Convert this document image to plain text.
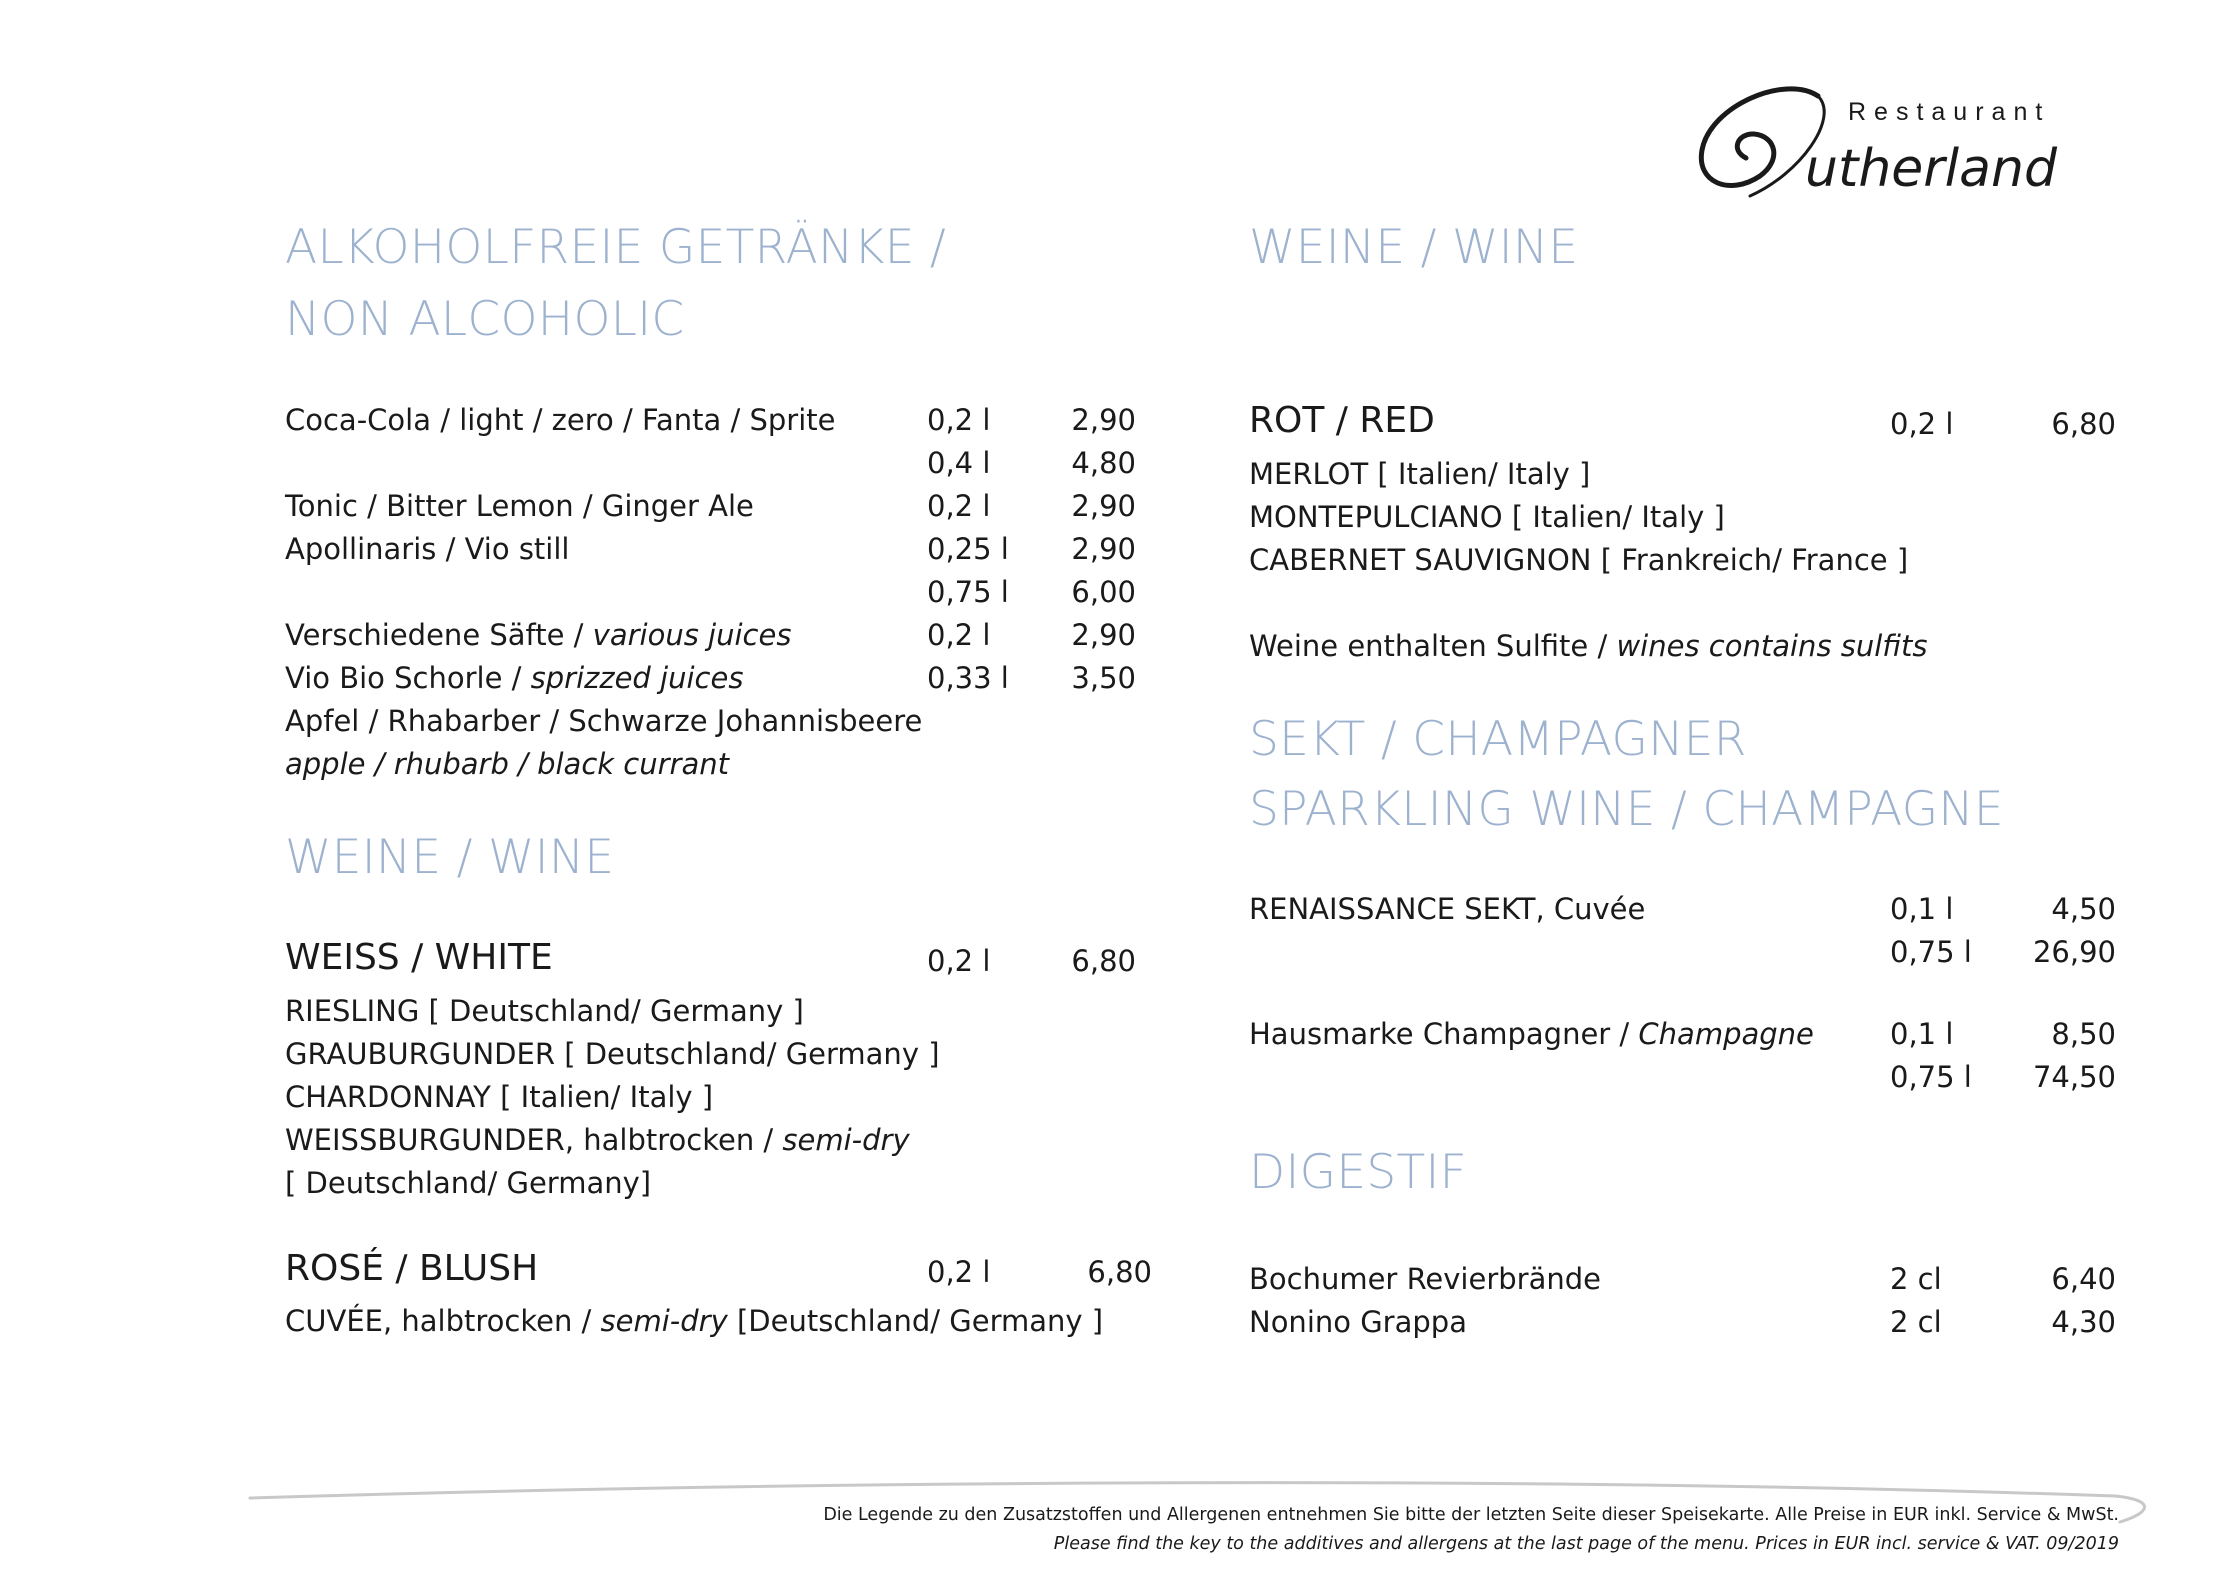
Restaurant
utherland
ALKOHOLFREIE GETRÄNKE /
NON ALCOHOLIC
Coca-Cola / light / zero / Fanta / Sprite	0,2 l	2,90
0,4 l	4,80
Tonic / Bitter Lemon / Ginger Ale	0,2 l	2,90
Apollinaris / Vio still	0,25 l	2,90
0,75 l	6,00
Verschiedene Säfte / various juices	0,2 l	2,90
Vio Bio Schorle / sprizzed juices	0,33 l	3,50
Apfel / Rhabarber / Schwarze Johannisbeere
apple / rhubarb / black currant
WEINE / WINE
WEISS / WHITE	0,2 l	6,80
RIESLING [ Deutschland/ Germany ]
GRAUBURGUNDER [ Deutschland/ Germany ]
CHARDONNAY [ Italien/ Italy ]
WEISSBURGUNDER, halbtrocken / semi-dry
[ Deutschland/ Germany]
ROSÉ / BLUSH	0,2 l	6,80
CUVÉE, halbtrocken / semi-dry [Deutschland/ Germany ]
WEINE / WINE
ROT / RED	0,2 l	6,80
MERLOT [ Italien/ Italy ]
MONTEPULCIANO [ Italien/ Italy ]
CABERNET SAUVIGNON [ Frankreich/ France ]
Weine enthalten Sulfite / wines contains sulfits
SEKT / CHAMPAGNER
SPARKLING WINE / CHAMPAGNE
RENAISSANCE SEKT, Cuvée	0,1 l	4,50
0,75 l 26,90
Hausmarke Champagner / Champagne	0,1 l	8,50
0,75 l 74,50
DIGESTIF
Bochumer Revierbrände	2 cl	6,40
Nonino Grappa	2 cl	4,30
Die Legende zu den Zusatzstoffen und Allergenen entnehmen Sie bitte der letzten Seite dieser Speisekarte. Alle Preise in EUR inkl. Service & MwSt.
Please find the key to the additives and allergens at the last page of the menu. Prices in EUR incl. service & VAT. 09/2019
